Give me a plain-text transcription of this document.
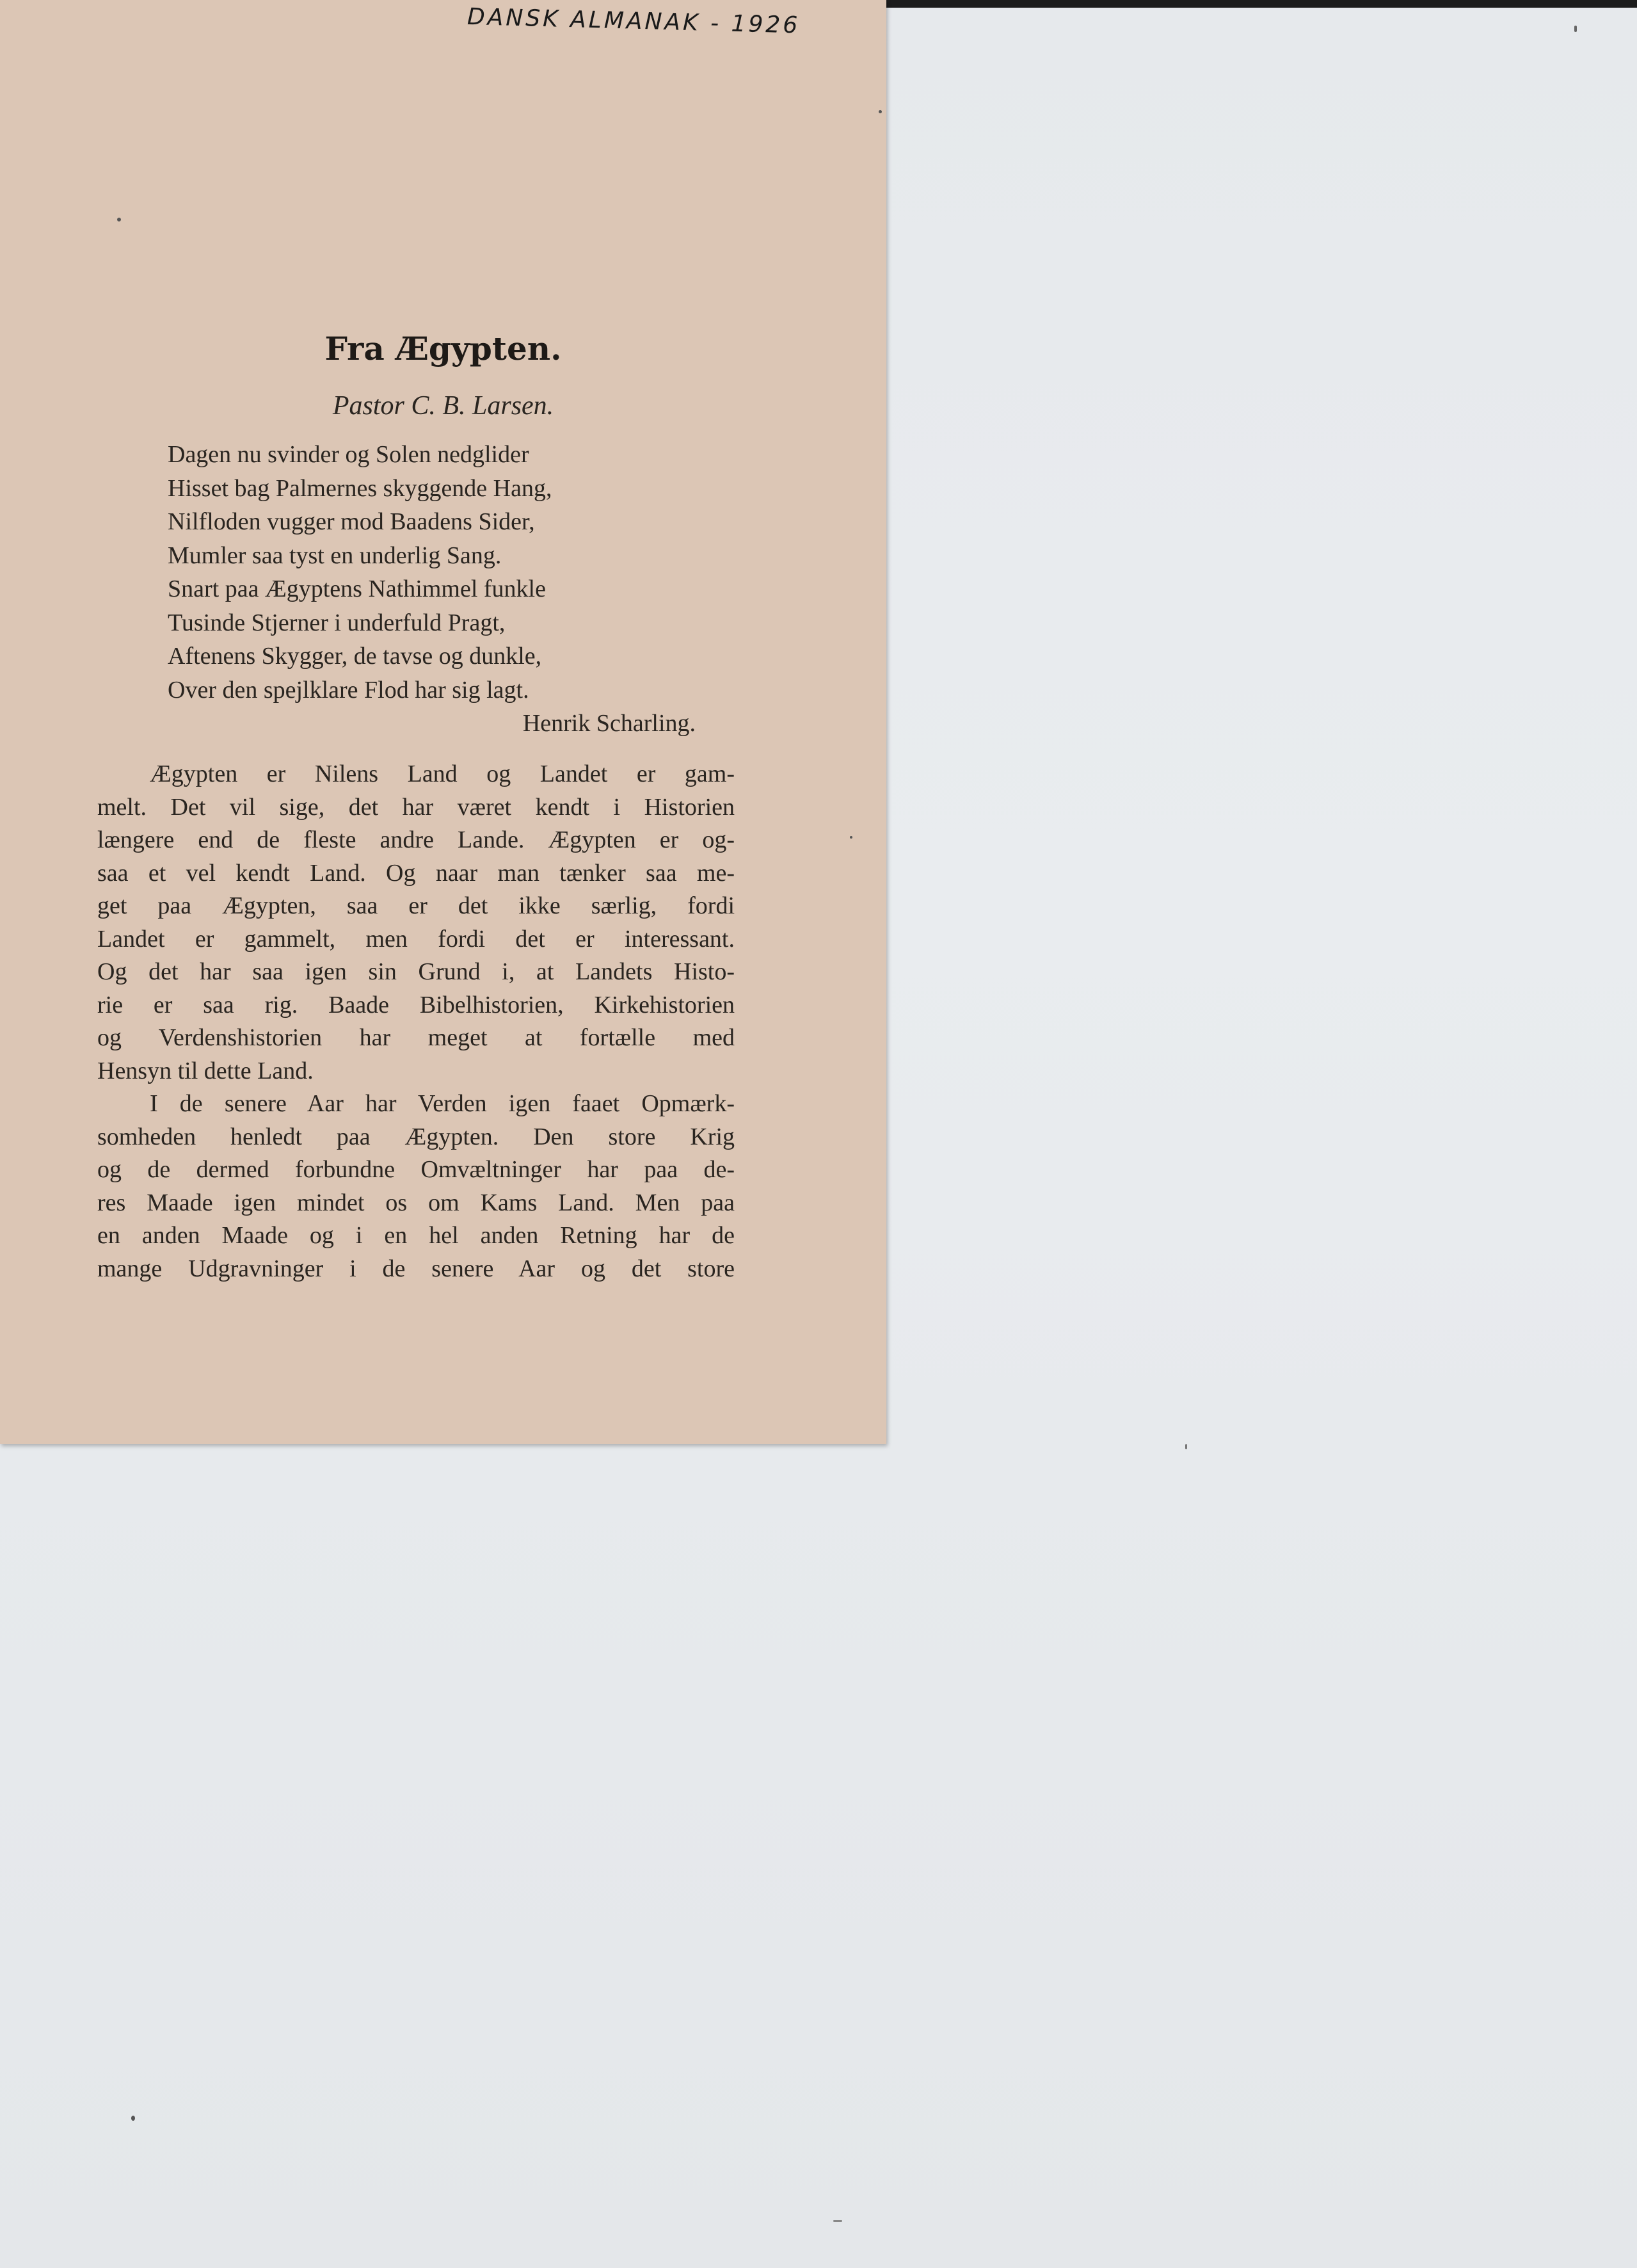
DANSK ALMANAK - 1926
Fra Ægypten.
Pastor C. B. Larsen.
Dagen nu svinder og Solen nedglider
Hisset bag Palmernes skyggende Hang,
Nilfloden vugger mod Baadens Sider,
Mumler saa tyst en underlig Sang.
Snart paa Ægyptens Nathimmel funkle
Tusinde Stjerner i underfuld Pragt,
Aftenens Skygger, de tavse og dunkle,
Over den spejlklare Flod har sig lagt.
Henrik Scharling.
Ægypten er Nilens Land og Landet er gam-
melt. Det vil sige, det har været kendt i Historien
længere end de fleste andre Lande. Ægypten er og-
saa et vel kendt Land. Og naar man tænker saa me-
get paa Ægypten, saa er det ikke særlig, fordi
Landet er gammelt, men fordi det er interessant.
Og det har saa igen sin Grund i, at Landets Histo-
rie er saa rig. Baade Bibelhistorien, Kirkehistorien
og Verdenshistorien har meget at fortælle med
Hensyn til dette Land.
I de senere Aar har Verden igen faaet Opmærk-
somheden henledt paa Ægypten. Den store Krig
og de dermed forbundne Omvæltninger har paa de-
res Maade igen mindet os om Kams Land. Men paa
en anden Maade og i en hel anden Retning har de
mange Udgravninger i de senere Aar og det store
